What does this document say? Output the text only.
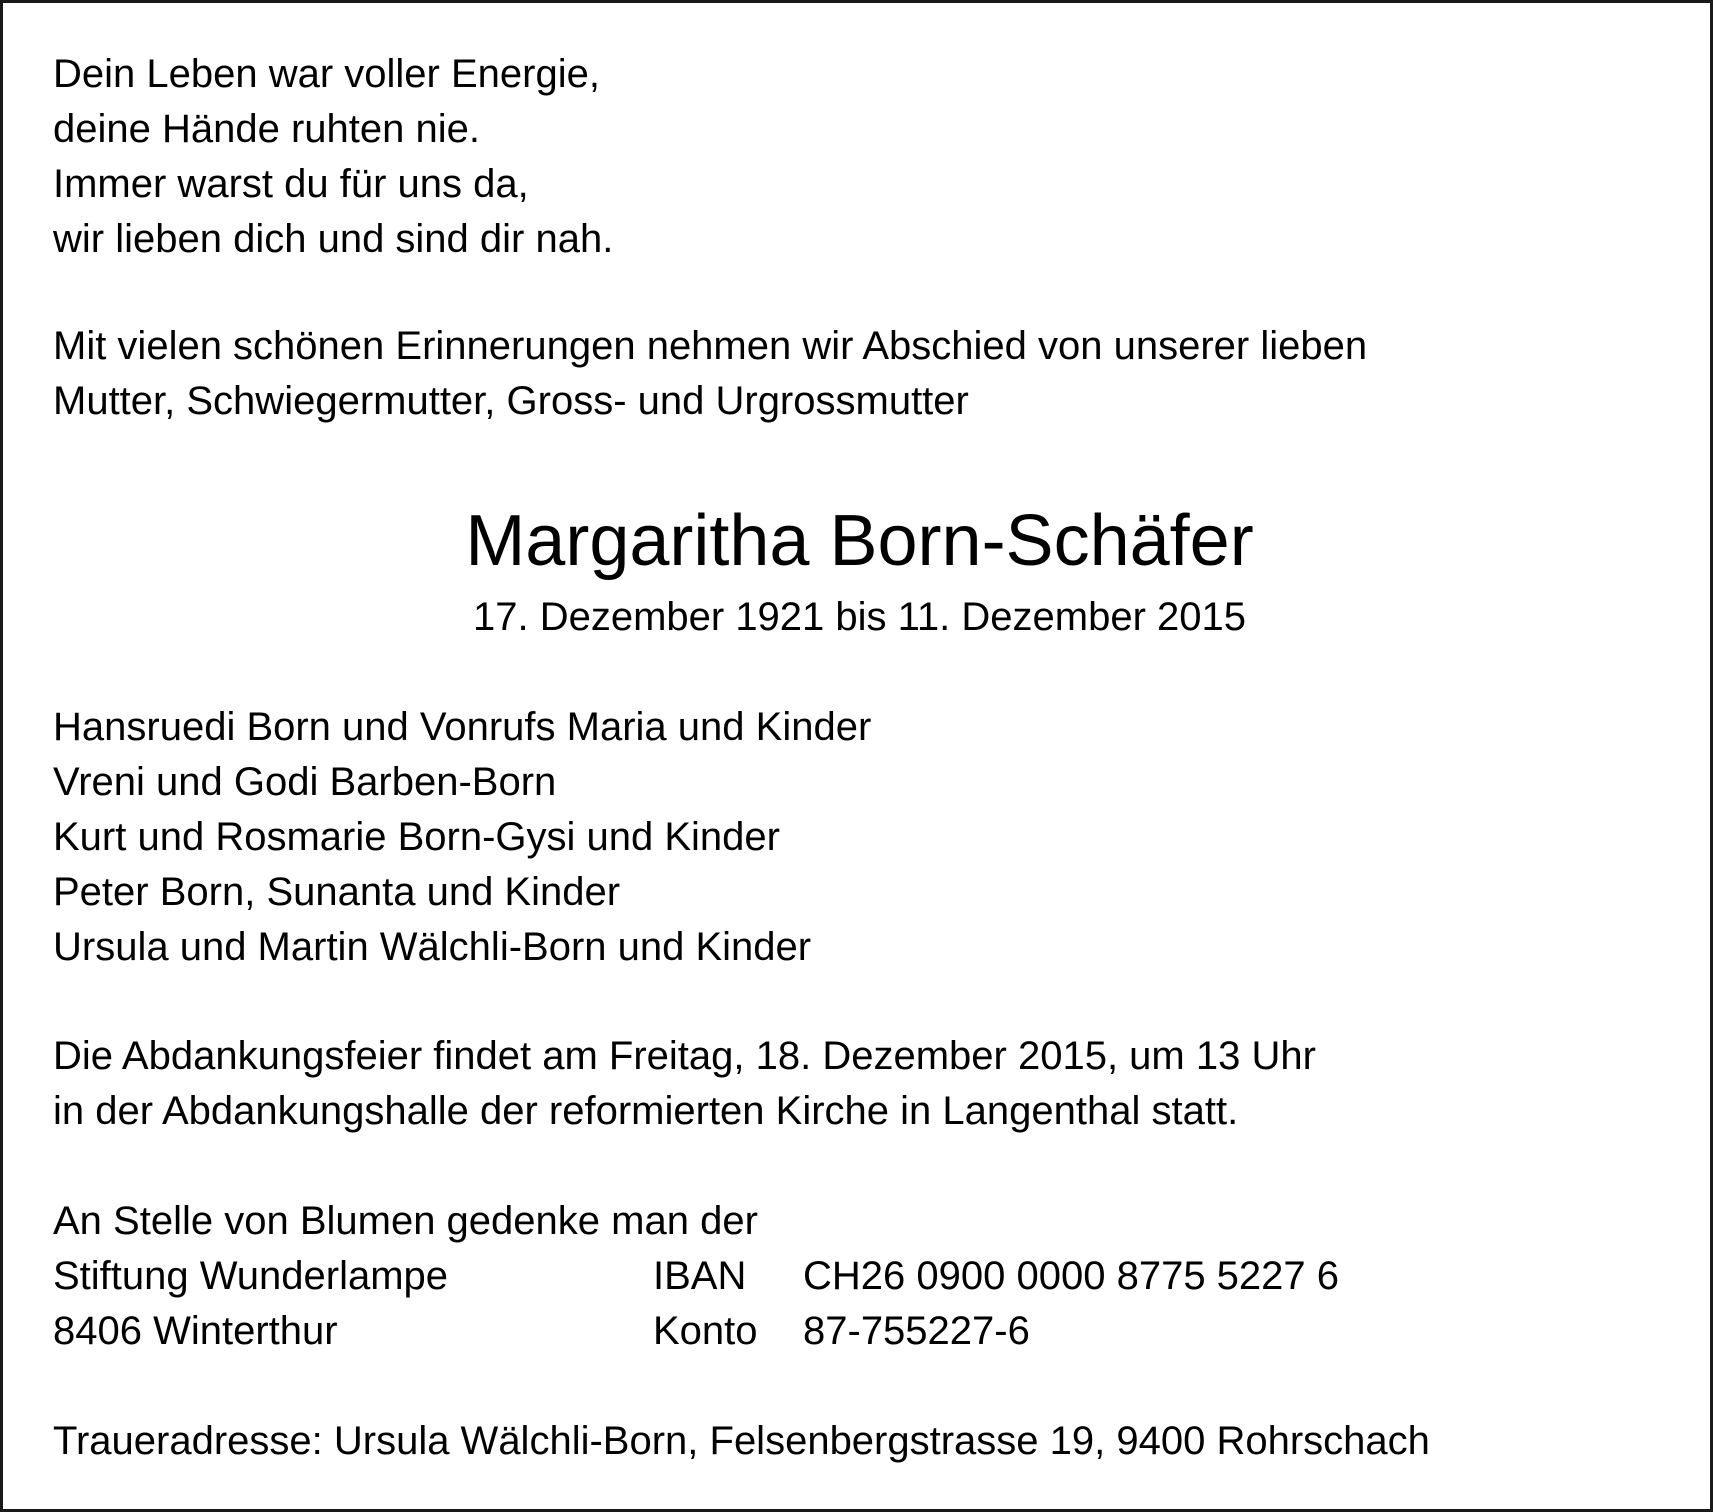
Dein Leben war voller Energie,
deine Hände ruhten nie.
Immer warst du für uns da,
wir lieben dich und sind dir nah.
Mit vielen schönen Erinnerungen nehmen wir Abschied von unserer lieben
Mutter, Schwiegermutter, Gross- und Urgrossmutter
Margaritha Born-Schäfer
17. Dezember 1921 bis 11. Dezember 2015
Hansruedi Born und Vonrufs Maria und Kinder
Vreni und Godi Barben-Born
Kurt und Rosmarie Born-Gysi und Kinder
Peter Born, Sunanta und Kinder
Ursula und Martin Wälchli-Born und Kinder
Die Abdankungsfeier findet am Freitag, 18. Dezember 2015, um 13 Uhr
in der Abdankungshalle der reformierten Kirche in Langenthal statt.
An Stelle von Blumen gedenke man der
Stiftung Wunderlampe	IBAN CH26 0900 0000 8775 5227 6
8406 Winterthur	Konto 87-755227-6
Traueradresse: Ursula Wälchli-Born, Felsenbergstrasse 19, 9400 Rohrschach
